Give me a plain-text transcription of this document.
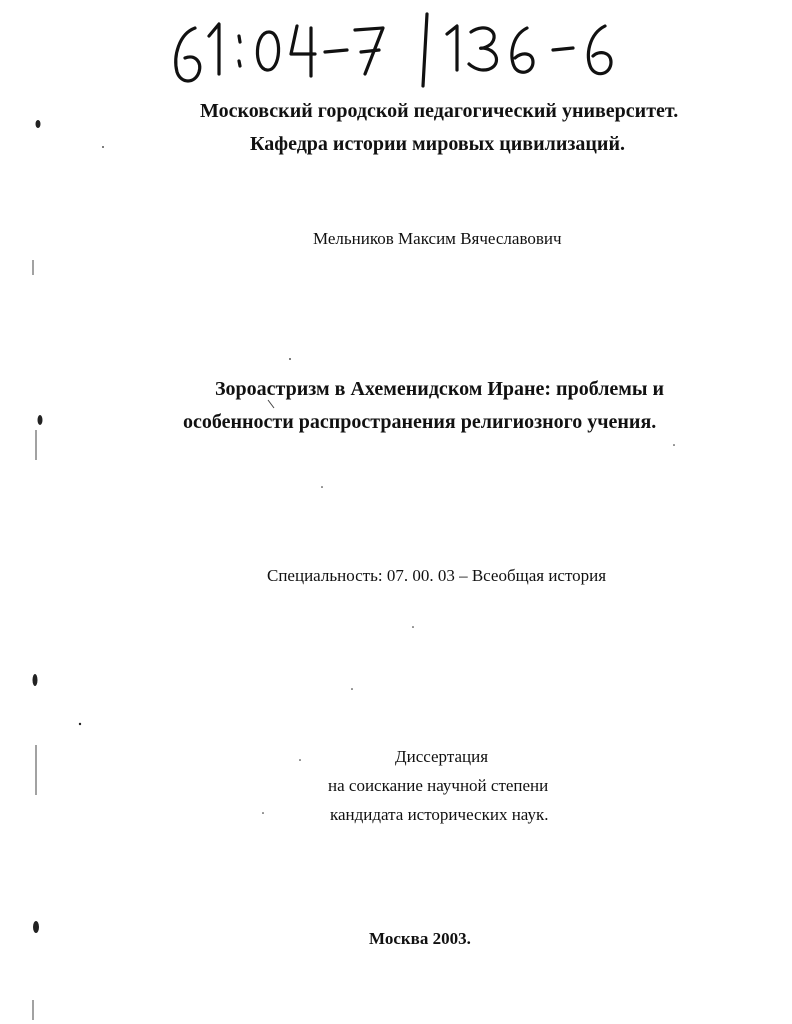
Московский городской педагогический университет.
Кафедра истории мировых цивилизаций.
Мельников Максим Вячеславович
Зороастризм в Ахеменидском Иране: проблемы и
особенности распространения религиозного учения.
Специальность: 07. 00. 03 – Всеобщая история
Диссертация
на соискание научной степени
кандидата исторических наук.
Москва 2003.
